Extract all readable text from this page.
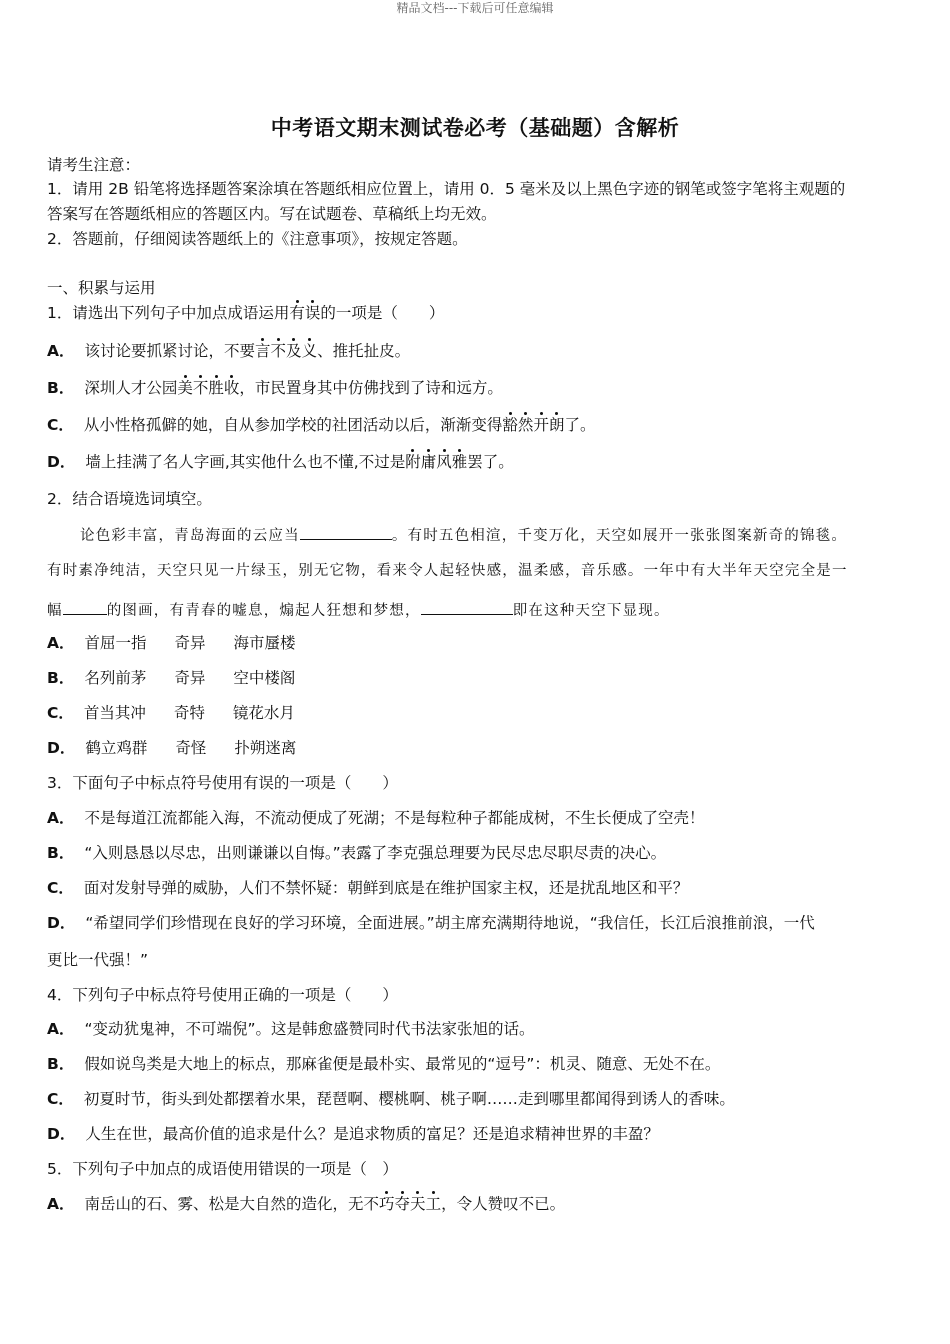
精品文档---下载后可任意编辑
中考语文期末测试卷必考（基础题）含解析
请考生注意：
1．请用 2B 铅笔将选择题答案涂填在答题纸相应位置上，请用 0．5 毫米及以上黑色字迹的钢笔或签字笔将主观题的
答案写在答题纸相应的答题区内。写在试题卷、草稿纸上均无效。
2．答题前，仔细阅读答题纸上的《注意事项》，按规定答题。
一、积累与运用
1．请选出下列句子中加点成语运用有误的一项是（　　）
A． 该讨论要抓紧讨论，不要言不及义、推托扯皮。
B． 深圳人才公园美不胜收，市民置身其中仿佛找到了诗和远方。
C． 从小性格孤僻的她，自从参加学校的社团活动以后，渐渐变得豁然开朗了。
D． 墙上挂满了名人字画,其实他什么也不懂,不过是附庸风雅罢了。
2．结合语境选词填空。
论色彩丰富，青岛海面的云应当	。有时五色相渲，千变万化，天空如展开一张张图案新奇的锦毯。
有时素净纯洁，天空只见一片绿玉，别无它物，看来令人起轻快感，温柔感，音乐感。一年中有大半年天空完全是一
幅	的图画，有青春的嘘息，煽起人狂想和梦想，	即在这种天空下显现。
A． 首屈一指 奇异 海市蜃楼
B． 名列前茅 奇异 空中楼阁
C． 首当其冲 奇特 镜花水月
D． 鹤立鸡群 奇怪 扑朔迷离
3．下面句子中标点符号使用有误的一项是（　　）
A． 不是每道江流都能入海，不流动便成了死湖；不是每粒种子都能成树，不生长便成了空壳！
B． “入则恳恳以尽忠，出则谦谦以自悔。”表露了李克强总理要为民尽忠尽职尽责的决心。
C． 面对发射导弹的威胁，人们不禁怀疑：朝鲜到底是在维护国家主权，还是扰乱地区和平？
D． “希望同学们珍惜现在良好的学习环境，全面进展。”胡主席充满期待地说，“我信任，长江后浪推前浪，一代
更比一代强！”
4．下列句子中标点符号使用正确的一项是（　　）
A． “变动犹鬼神，不可端倪”。这是韩愈盛赞同时代书法家张旭的话。
B． 假如说鸟类是大地上的标点，那麻雀便是最朴实、最常见的“逗号”：机灵、随意、无处不在。
C． 初夏时节，街头到处都摆着水果，琵琶啊、樱桃啊、桃子啊……走到哪里都闻得到诱人的香味。
D． 人生在世，最高价值的追求是什么？是追求物质的富足？还是追求精神世界的丰盈？
5．下列句子中加点的成语使用错误的一项是（　）
A． 南岳山的石、雾、松是大自然的造化，无不巧夺天工，令人赞叹不已。
